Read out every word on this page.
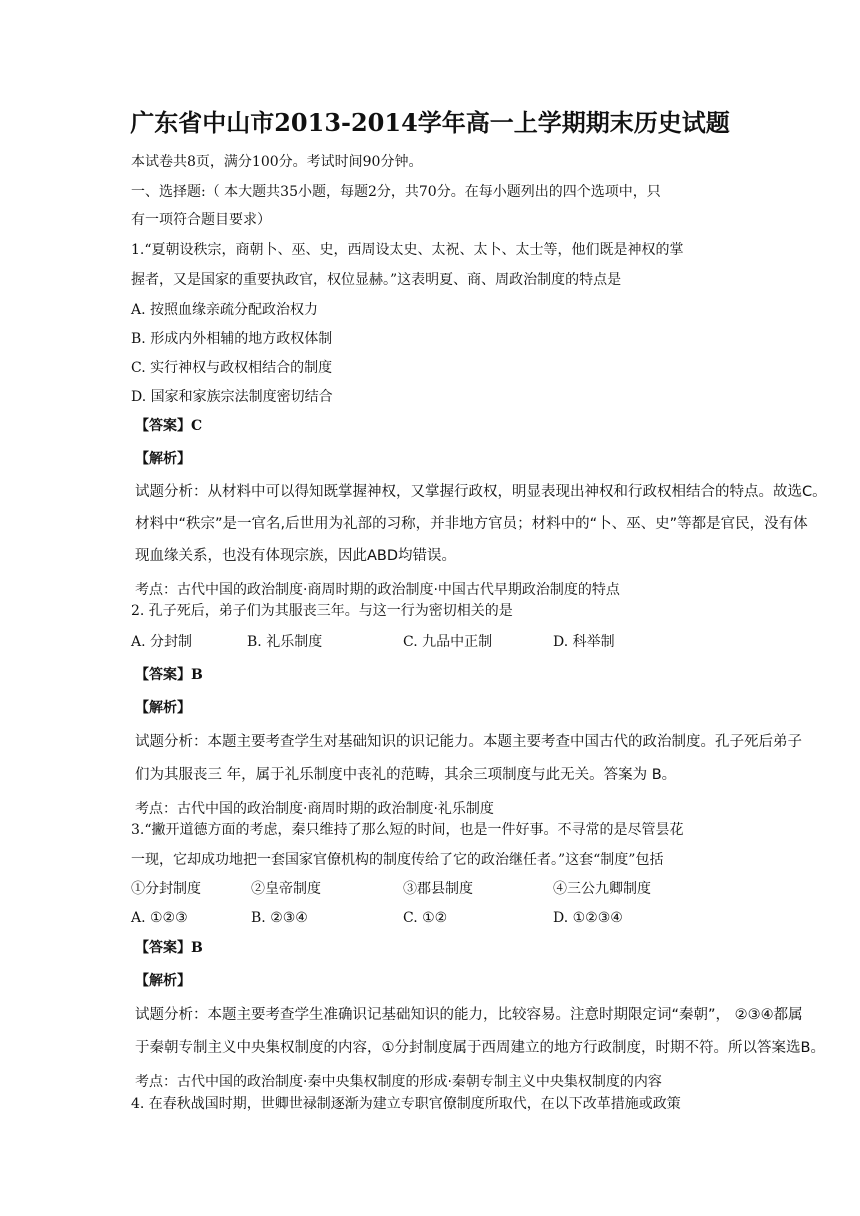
广东省中山市2013-2014学年高一上学期期末历史试题
本试卷共8页，满分100分。考试时间90分钟。
一、选择题:（ 本大题共35小题，每题2分，共70分。在每小题列出的四个选项中，只
有一项符合题目要求）
1.“夏朝设秩宗，商朝卜、巫、史，西周设太史、太祝、太卜、太士等，他们既是神权的掌
握者，又是国家的重要执政官，权位显赫。”这表明夏、商、周政治制度的特点是
A. 按照血缘亲疏分配政治权力
B. 形成内外相辅的地方政权体制
C. 实行神权与政权相结合的制度
D. 国家和家族宗法制度密切结合
【答案】C
【解析】
试题分析：从材料中可以得知既掌握神权，又掌握行政权，明显表现出神权和行政权相结合的特点。故选C。
材料中“秩宗”是一官名,后世用为礼部的习称，并非地方官员；材料中的“卜、巫、史”等都是官民，没有体
现血缘关系，也没有体现宗族，因此ABD均错误。
考点：古代中国的政治制度·商周时期的政治制度·中国古代早期政治制度的特点
2. 孔子死后，弟子们为其服丧三年。与这一行为密切相关的是
A. 分封制	B. 礼乐制度	C. 九品中正制	D. 科举制
【答案】B
【解析】
试题分析：本题主要考查学生对基础知识的识记能力。本题主要考查中国古代的政治制度。孔子死后弟子
们为其服丧三 年，属于礼乐制度中丧礼的范畴，其余三项制度与此无关。答案为 B。
考点：古代中国的政治制度·商周时期的政治制度·礼乐制度
3.“撇开道德方面的考虑，秦只维持了那么短的时间，也是一件好事。不寻常的是尽管昙花
一现，它却成功地把一套国家官僚机构的制度传给了它的政治继任者。”这套“制度”包括
①分封制度	②皇帝制度	③郡县制度	④三公九卿制度
A. ①②③	B. ②③④	C. ①②	D. ①②③④
【答案】B
【解析】
试题分析：本题主要考查学生准确识记基础知识的能力，比较容易。注意时期限定词“秦朝”， ②③④都属
于秦朝专制主义中央集权制度的内容，①分封制度属于西周建立的地方行政制度，时期不符。所以答案选B。
考点：古代中国的政治制度·秦中央集权制度的形成·秦朝专制主义中央集权制度的内容
4. 在春秋战国时期，世卿世禄制逐渐为建立专职官僚制度所取代，在以下改革措施或政策
